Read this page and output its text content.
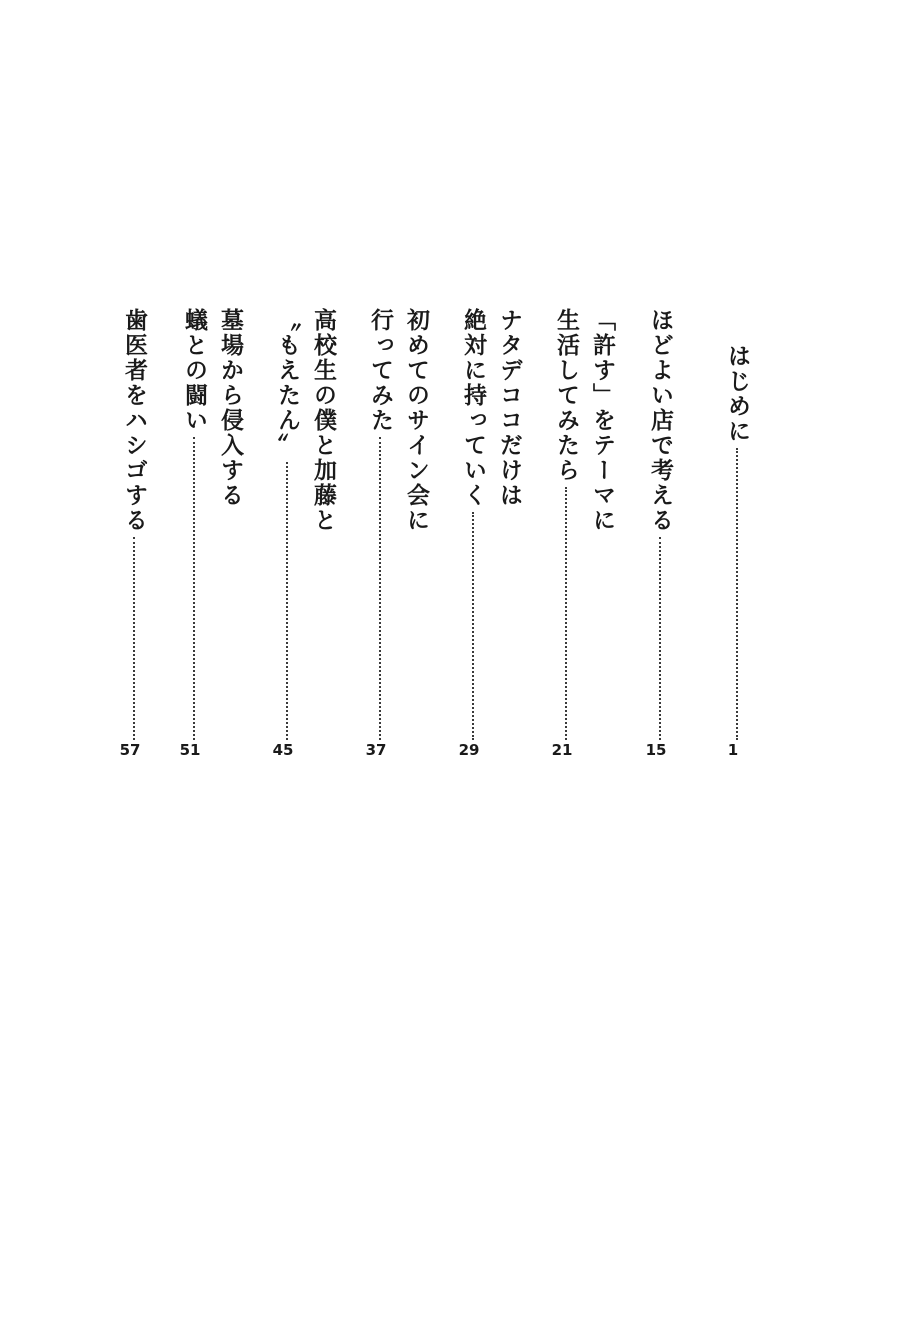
はじめに
1
ほどよい店で考える
15
「許す」をテーマに
生活してみたら
21
ナタデココだけは
絶対に持っていく
29
初めてのサイン会に
行ってみた
37
高校生の僕と加藤と
〝もえたん〟
45
墓場から侵入する
蟻との闘い
51
歯医者をハシゴする
57
